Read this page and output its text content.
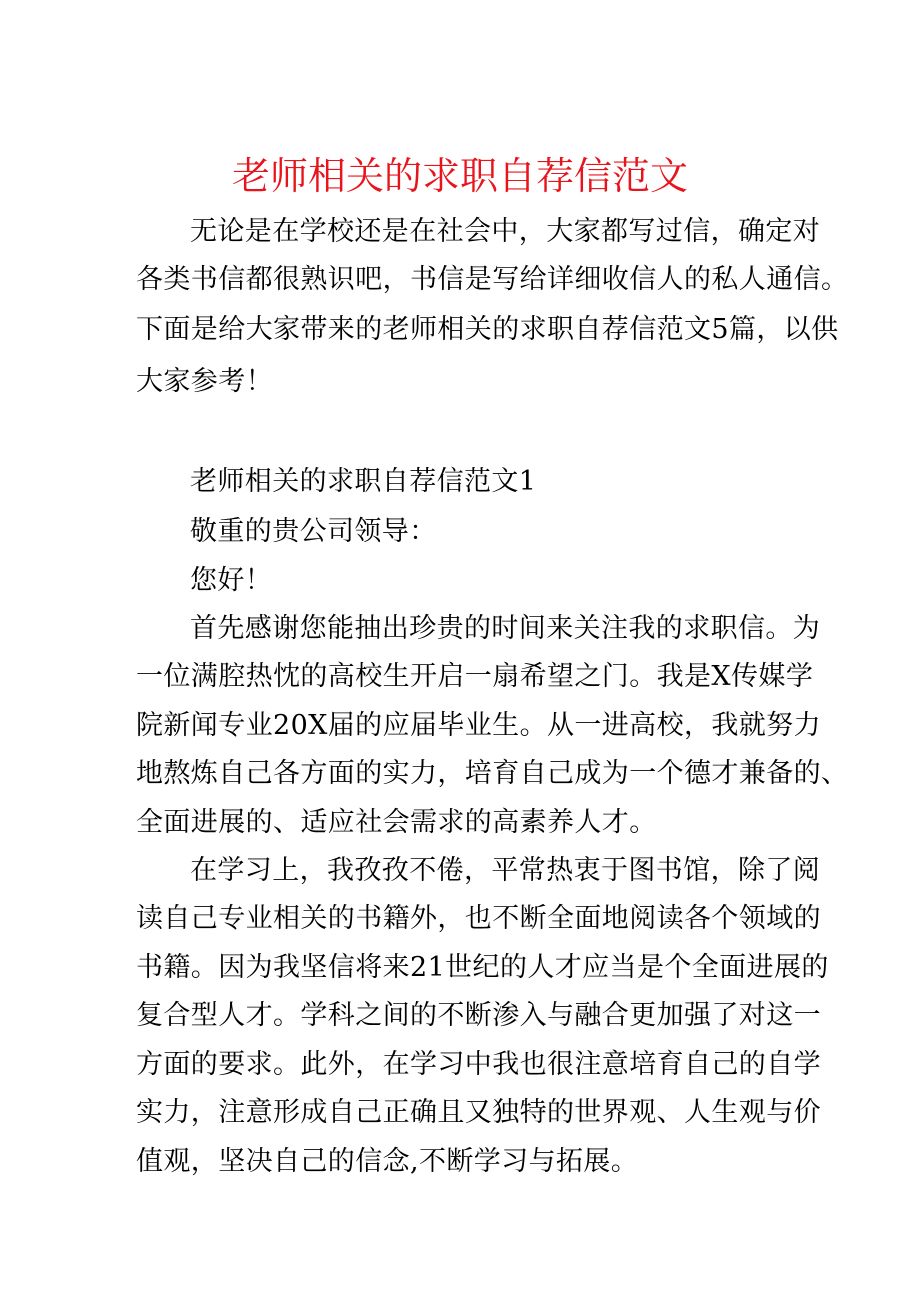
老师相关的求职自荐信范文
无论是在学校还是在社会中，大家都写过信，确定对
各类书信都很熟识吧，书信是写给详细收信人的私人通信。
下面是给大家带来的老师相关的求职自荐信范文5篇，以供
大家参考！
老师相关的求职自荐信范文1
敬重的贵公司领导：
您好！
首先感谢您能抽出珍贵的时间来关注我的求职信。为
一位满腔热忱的高校生开启一扇希望之门。我是X传媒学
院新闻专业20X届的应届毕业生。从一进高校，我就努力
地熬炼自己各方面的实力，培育自己成为一个德才兼备的、
全面进展的、适应社会需求的高素养人才。
在学习上，我孜孜不倦，平常热衷于图书馆，除了阅
读自己专业相关的书籍外，也不断全面地阅读各个领域的
书籍。因为我坚信将来21世纪的人才应当是个全面进展的
复合型人才。学科之间的不断渗入与融合更加强了对这一
方面的要求。此外，在学习中我也很注意培育自己的自学
实力，注意形成自己正确且又独特的世界观、人生观与价
值观，坚决自己的信念,不断学习与拓展。
